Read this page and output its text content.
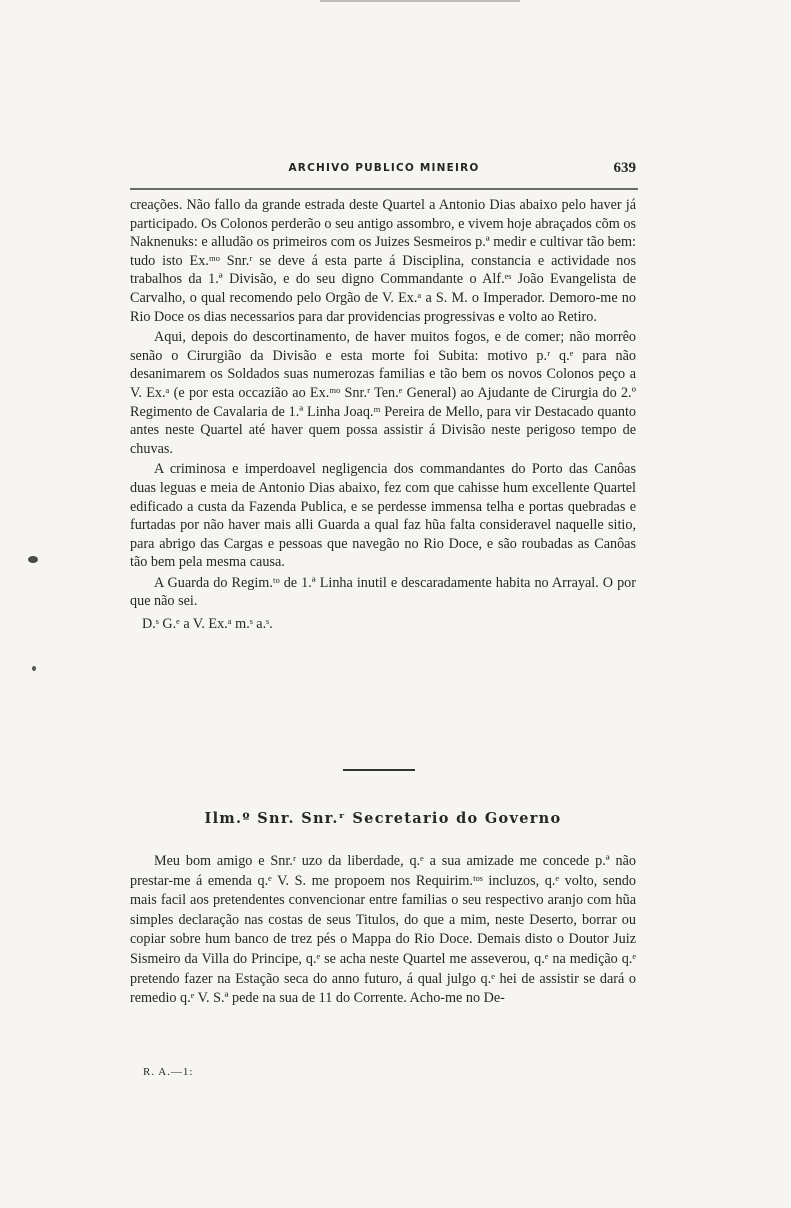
ARCHIVO PUBLICO MINEIRO	639

creações. Não fallo da grande estrada deste Quartel a Antonio Dias abaixo pelo haver já participado. Os Colonos perderão o seu antigo assombro, e vivem hoje abraçados cõm os Naknenuks: e alludão os primeiros com os Juizes Sesmeiros p.ª medir e cultivar tão bem: tudo isto Ex.ᵐᵒ Snr.ʳ se deve á esta parte á Disciplina, constancia e actividade nos trabalhos da 1.ª Divisão, e do seu digno Commandante o Alf.ᵉˢ João Evangelista de Carvalho, o qual recomendo pelo Orgão de V. Ex.ᵃ a S. M. o Imperador. Demoro-me no Rio Doce os dias necessarios para dar providencias progressivas e volto ao Retiro.

Aqui, depois do descortinamento, de haver muitos fogos, e de comer; não morrêo senão o Cirurgião da Divisão e esta morte foi Subita: motivo p.ʳ q.ᵉ para não desanimarem os Soldados suas numerozas familias e tão bem os novos Colonos peço a V. Ex.ᵃ (e por esta occazião ao Ex.ᵐᵒ Snr.ʳ Ten.ᵉ General) ao Ajudante de Cirurgia do 2.º Regimento de Cavalaria de 1.ª Linha Joaq.ᵐ Pereira de Mello, para vir Destacado quanto antes neste Quartel até haver quem possa assistir á Divisão neste perigoso tempo de chuvas.

A criminosa e imperdoavel negligencia dos commandantes do Porto das Canôas duas leguas e meia de Antonio Dias abaixo, fez com que cahisse hum excellente Quartel edificado a custa da Fazenda Publica, e se perdesse immensa telha e portas quebradas e furtadas por não haver mais alli Guarda a qual faz hũa falta consideravel naquelle sitio, para abrigo das Cargas e pessoas que navegão no Rio Doce, e são roubadas as Canôas tão bem pela mesma causa.

A Guarda do Regim.ᵗᵒ de 1.ª Linha inutil e descaradamente habita no Arrayal. O por que não sei.

D.ˢ G.ᵉ a V. Ex.ᵃ m.ˢ a.ˢ.

Ilm.º Snr. Snr.ʳ Secretario do Governo

Meu bom amigo e Snr.ʳ uzo da liberdade, q.ᵉ a sua amizade me concede p.ª não prestar-me á emenda q.ᵉ V. S. me propoem nos Requirim.ᵗᵒˢ incluzos, q.ᵉ volto, sendo mais facil aos pretendentes convencionar entre familias o seu respectivo aranjo com hũa simples declaração nas costas de seus Titulos, do que a mim, neste Deserto, borrar ou copiar sobre hum banco de trez pés o Mappa do Rio Doce. Demais disto o Doutor Juiz Sismeiro da Villa do Principe, q.ᵉ se acha neste Quartel me asseverou, q.ᵉ na medição q.ᵉ pretendo fazer na Estação seca do anno futuro, á qual julgo q.ᵉ hei de assistir se dará o remedio q.ᵉ V. S.ª pede na sua de 11 do Corrente. Acho-me no De-

R. A.—1:
